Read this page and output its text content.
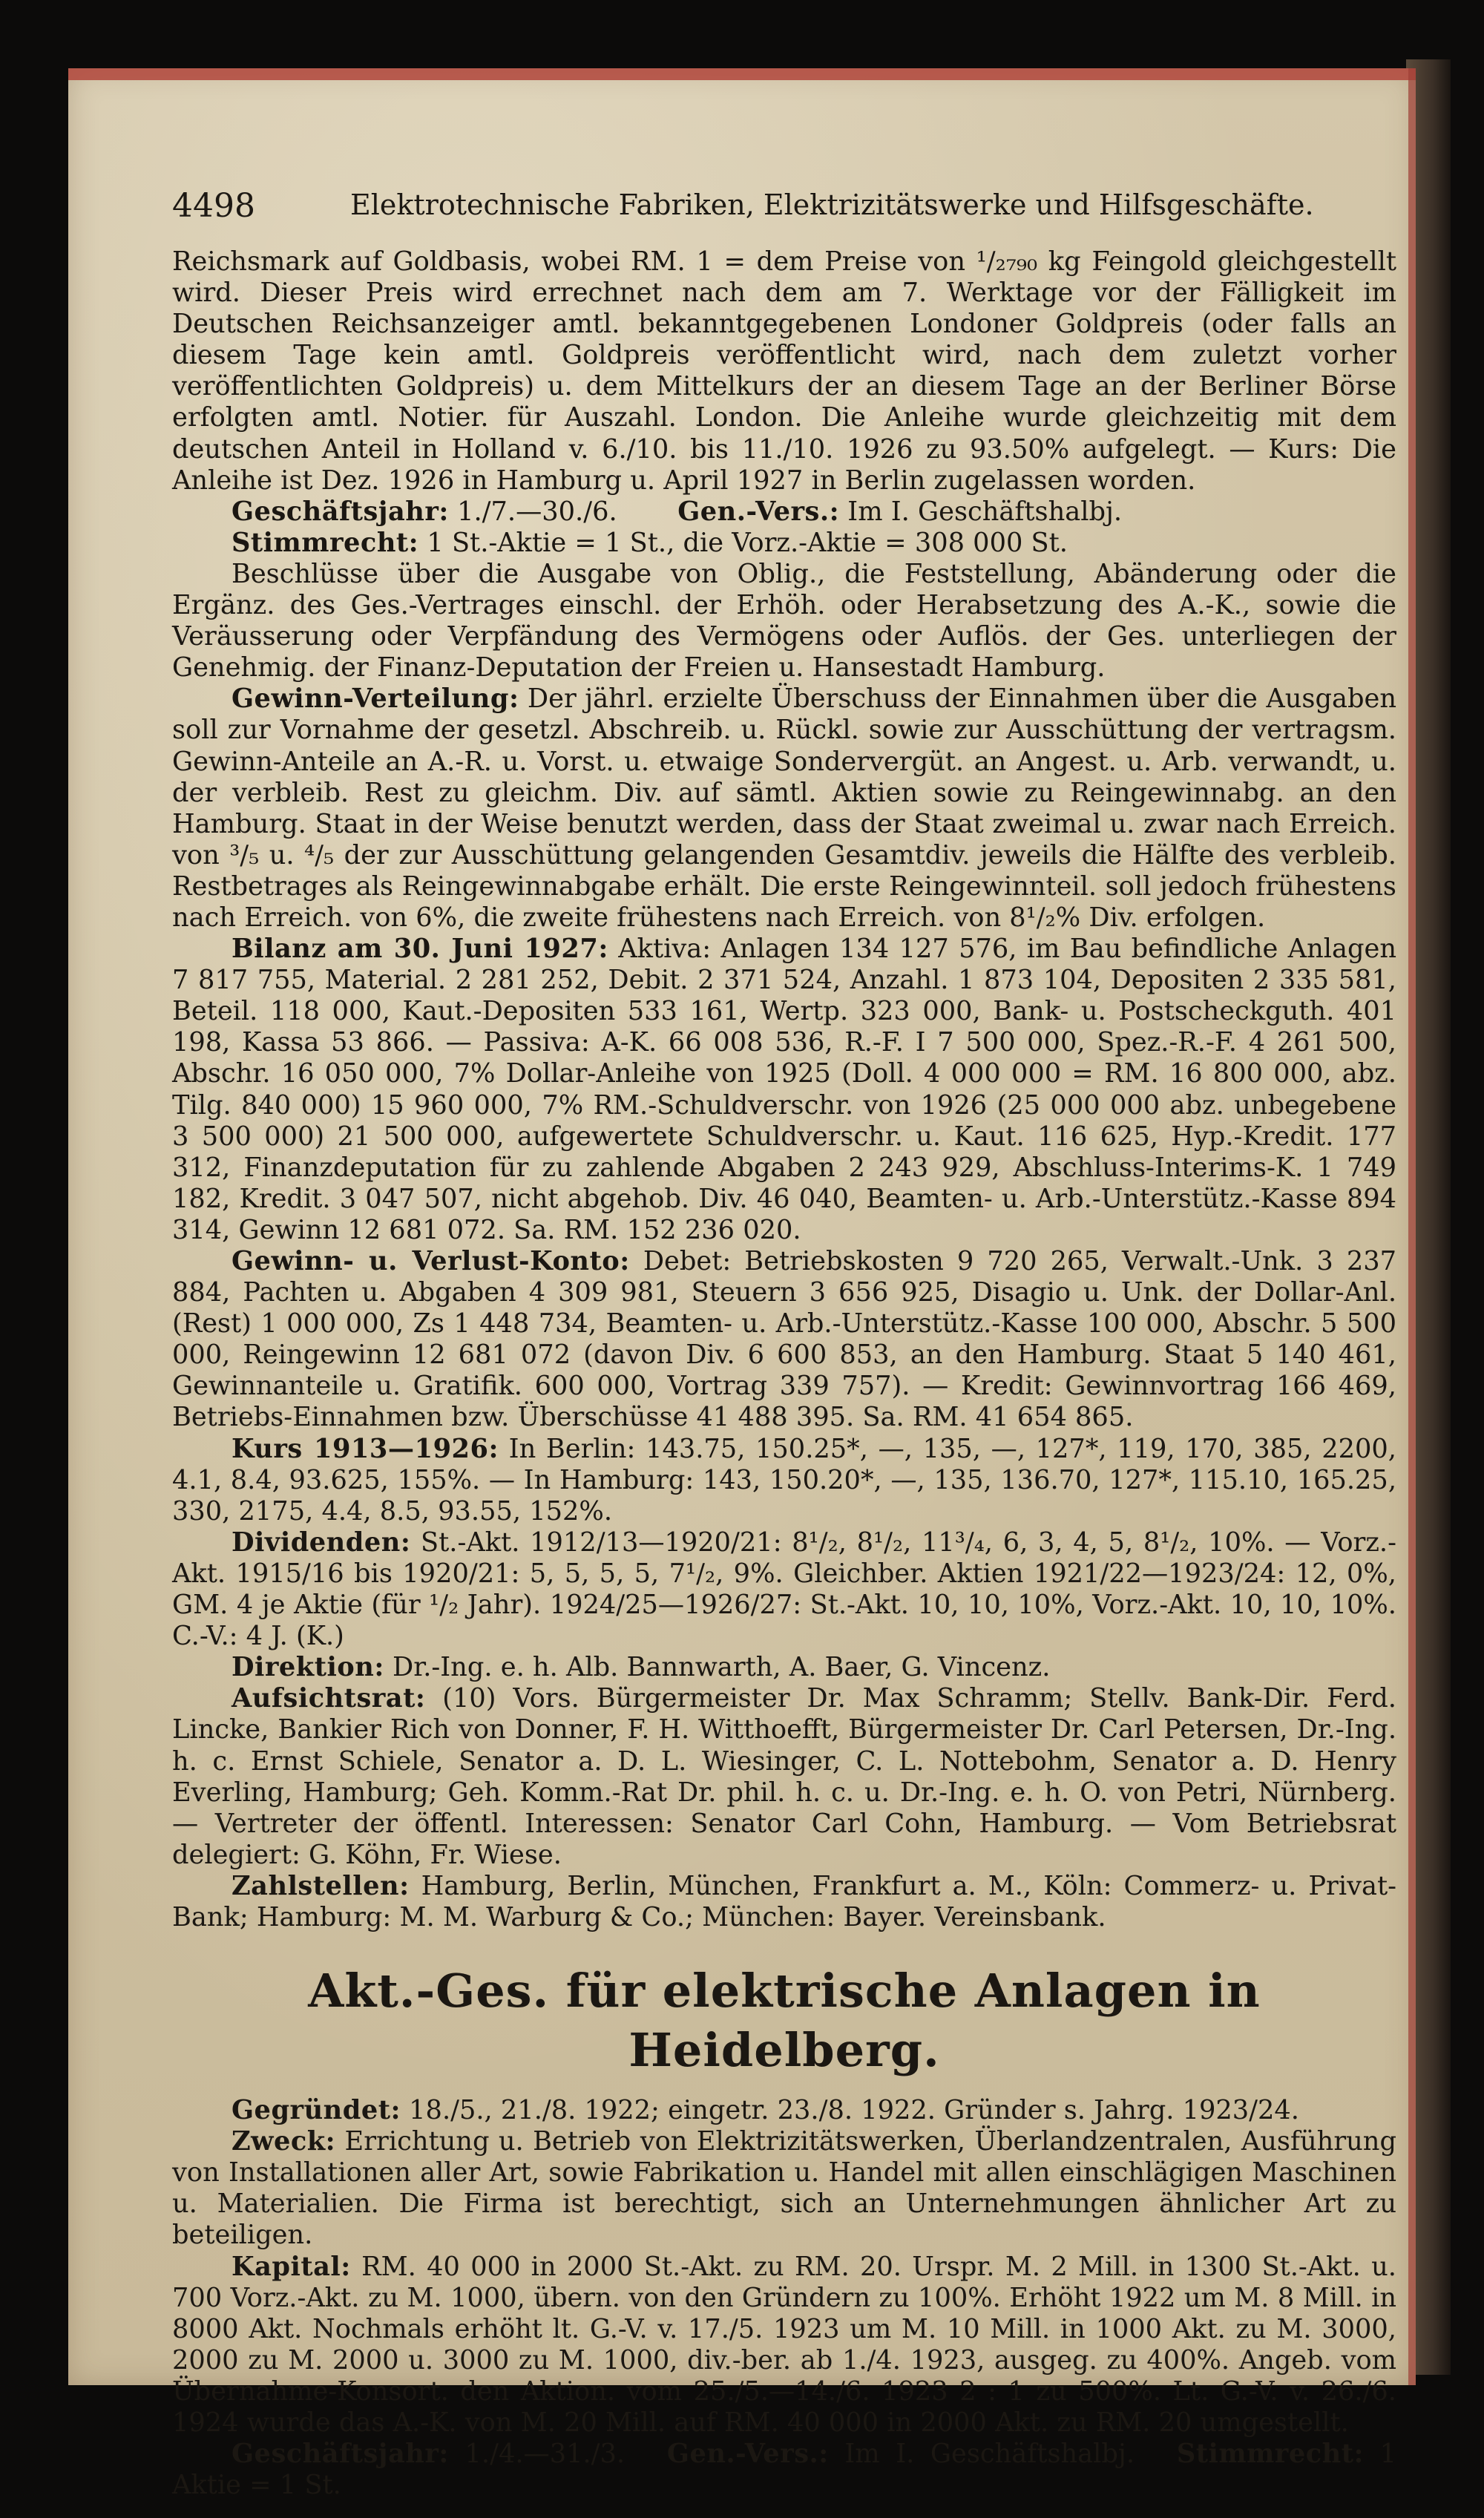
4498	Elektrotechnische Fabriken, Elektrizitätswerke und Hilfsgeschäfte.

Reichsmark auf Goldbasis, wobei RM. 1 = dem Preise von ¹/₂₇₉₀ kg Feingold gleichgestellt wird. Dieser Preis wird errechnet nach dem am 7. Werktage vor der Fälligkeit im Deutschen Reichsanzeiger amtl. bekanntgegebenen Londoner Goldpreis (oder falls an diesem Tage kein amtl. Goldpreis veröffentlicht wird, nach dem zuletzt vorher veröffentlichten Goldpreis) u. dem Mittelkurs der an diesem Tage an der Berliner Börse erfolgten amtl. Notier. für Auszahl. London. Die Anleihe wurde gleichzeitig mit dem deutschen Anteil in Holland v. 6./10. bis 11./10. 1926 zu 93.50% aufgelegt. — Kurs: Die Anleihe ist Dez. 1926 in Hamburg u. April 1927 in Berlin zugelassen worden.

Geschäftsjahr: 1./7.—30./6.    Gen.-Vers.: Im I. Geschäftshalbj.

Stimmrecht: 1 St.-Aktie = 1 St., die Vorz.-Aktie = 308 000 St.

Beschlüsse über die Ausgabe von Oblig., die Feststellung, Abänderung oder die Ergänz. des Ges.-Vertrages einschl. der Erhöh. oder Herabsetzung des A.-K., sowie die Veräusserung oder Verpfändung des Vermögens oder Auflös. der Ges. unterliegen der Genehmig. der Finanz-Deputation der Freien u. Hansestadt Hamburg.

Gewinn-Verteilung: Der jährl. erzielte Überschuss der Einnahmen über die Ausgaben soll zur Vornahme der gesetzl. Abschreib. u. Rückl. sowie zur Ausschüttung der vertragsm. Gewinn-Anteile an A.-R. u. Vorst. u. etwaige Sondervergüt. an Angest. u. Arb. verwandt, u. der verbleib. Rest zu gleichm. Div. auf sämtl. Aktien sowie zu Reingewinnabg. an den Hamburg. Staat in der Weise benutzt werden, dass der Staat zweimal u. zwar nach Erreich. von ³/₅ u. ⁴/₅ der zur Ausschüttung gelangenden Gesamtdiv. jeweils die Hälfte des verbleib. Restbetrages als Reingewinnabgabe erhält. Die erste Reingewinnteil. soll jedoch frühestens nach Erreich. von 6%, die zweite frühestens nach Erreich. von 8¹/₂% Div. erfolgen.

Bilanz am 30. Juni 1927: Aktiva: Anlagen 134 127 576, im Bau befindliche Anlagen 7 817 755, Material. 2 281 252, Debit. 2 371 524, Anzahl. 1 873 104, Depositen 2 335 581, Beteil. 118 000, Kaut.-Depositen 533 161, Wertp. 323 000, Bank- u. Postscheckguth. 401 198, Kassa 53 866. — Passiva: A-K. 66 008 536, R.-F. I 7 500 000, Spez.-R.-F. 4 261 500, Abschr. 16 050 000, 7% Dollar-Anleihe von 1925 (Doll. 4 000 000 = RM. 16 800 000, abz. Tilg. 840 000) 15 960 000, 7% RM.-Schuldverschr. von 1926 (25 000 000 abz. unbegebene 3 500 000) 21 500 000, aufgewertete Schuldverschr. u. Kaut. 116 625, Hyp.-Kredit. 177 312, Finanzdeputation für zu zahlende Abgaben 2 243 929, Abschluss-Interims-K. 1 749 182, Kredit. 3 047 507, nicht abgehob. Div. 46 040, Beamten- u. Arb.-Unterstütz.-Kasse 894 314, Gewinn 12 681 072. Sa. RM. 152 236 020.

Gewinn- u. Verlust-Konto: Debet: Betriebskosten 9 720 265, Verwalt.-Unk. 3 237 884, Pachten u. Abgaben 4 309 981, Steuern 3 656 925, Disagio u. Unk. der Dollar-Anl. (Rest) 1 000 000, Zs 1 448 734, Beamten- u. Arb.-Unterstütz.-Kasse 100 000, Abschr. 5 500 000, Reingewinn 12 681 072 (davon Div. 6 600 853, an den Hamburg. Staat 5 140 461, Gewinnanteile u. Gratifik. 600 000, Vortrag 339 757). — Kredit: Gewinnvortrag 166 469, Betriebs-Einnahmen bzw. Überschüsse 41 488 395. Sa. RM. 41 654 865.

Kurs 1913—1926: In Berlin: 143.75, 150.25*, —, 135, —, 127*, 119, 170, 385, 2200, 4.1, 8.4, 93.625, 155%. — In Hamburg: 143, 150.20*, —, 135, 136.70, 127*, 115.10, 165.25, 330, 2175, 4.4, 8.5, 93.55, 152%.

Dividenden: St.-Akt. 1912/13—1920/21: 8¹/₂, 8¹/₂, 11³/₄, 6, 3, 4, 5, 8¹/₂, 10%. — Vorz.-Akt. 1915/16 bis 1920/21: 5, 5, 5, 5, 7¹/₂, 9%. Gleichber. Aktien 1921/22—1923/24: 12, 0%, GM. 4 je Aktie (für ¹/₂ Jahr). 1924/25—1926/27: St.-Akt. 10, 10, 10%, Vorz.-Akt. 10, 10, 10%. C.-V.: 4 J. (K.)

Direktion: Dr.-Ing. e. h. Alb. Bannwarth, A. Baer, G. Vincenz.

Aufsichtsrat: (10) Vors. Bürgermeister Dr. Max Schramm; Stellv. Bank-Dir. Ferd. Lincke, Bankier Rich von Donner, F. H. Witthoefft, Bürgermeister Dr. Carl Petersen, Dr.-Ing. h. c. Ernst Schiele, Senator a. D. L. Wiesinger, C. L. Nottebohm, Senator a. D. Henry Everling, Hamburg; Geh. Komm.-Rat Dr. phil. h. c. u. Dr.-Ing. e. h. O. von Petri, Nürnberg. — Vertreter der öffentl. Interessen: Senator Carl Cohn, Hamburg. — Vom Betriebsrat delegiert: G. Köhn, Fr. Wiese.

Zahlstellen: Hamburg, Berlin, München, Frankfurt a. M., Köln: Commerz- u. Privat-Bank; Hamburg: M. M. Warburg & Co.; München: Bayer. Vereinsbank.

Akt.-Ges. für elektrische Anlagen in Heidelberg.

Gegründet: 18./5., 21./8. 1922; eingetr. 23./8. 1922. Gründer s. Jahrg. 1923/24.

Zweck: Errichtung u. Betrieb von Elektrizitätswerken, Überlandzentralen, Ausführung von Installationen aller Art, sowie Fabrikation u. Handel mit allen einschlägigen Maschinen u. Materialien. Die Firma ist berechtigt, sich an Unternehmungen ähnlicher Art zu beteiligen.

Kapital: RM. 40 000 in 2000 St.-Akt. zu RM. 20. Urspr. M. 2 Mill. in 1300 St.-Akt. u. 700 Vorz.-Akt. zu M. 1000, übern. von den Gründern zu 100%. Erhöht 1922 um M. 8 Mill. in 8000 Akt. Nochmals erhöht lt. G.-V. v. 17./5. 1923 um M. 10 Mill. in 1000 Akt. zu M. 3000, 2000 zu M. 2000 u. 3000 zu M. 1000, div.-ber. ab 1./4. 1923, ausgeg. zu 400%. Angeb. vom Übernahme-Konsort. den Aktion. vom 25./5.—14./6. 1923 2 : 1 zu 500%. Lt. G.-V. v. 26./6. 1924 wurde das A.-K. von M. 20 Mill. auf RM. 40 000 in 2000 Akt. zu RM. 20 umgestellt.

Geschäftsjahr: 1./4.—31./3.   Gen.-Vers.: Im I. Geschäftshalbj.   Stimmrecht: 1 Aktie = 1 St.
